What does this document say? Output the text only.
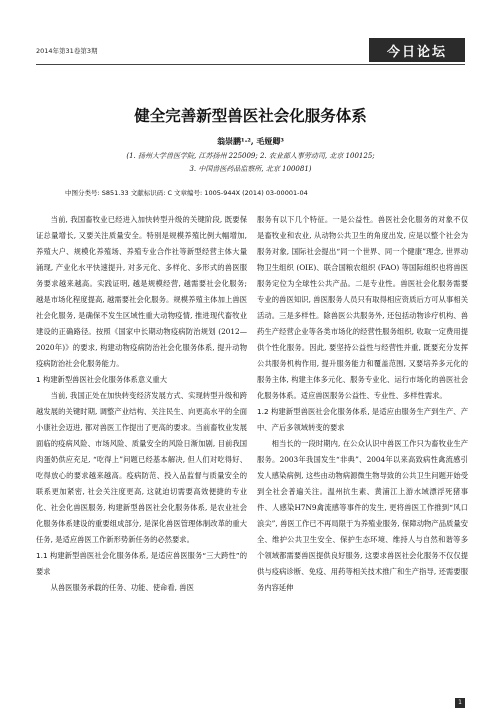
2014年第31卷第3期	今日论坛
健全完善新型兽医社会化服务体系
翁崇鹏¹·², 毛娅卿³
(1. 扬州大学兽医学院, 江苏扬州 225009; 2. 农业部人事劳动司, 北京 100125;
3. 中国兽医药品监察所, 北京 100081)
中图分类号: S851.33 文献标识码: C 文章编号: 1005-944X (2014) 03-00001-04

当前, 我国畜牧业已经进入加快转型升级的关键阶段, 既要保证总量增长, 又要关注质量安全。特别是规模养殖比例大幅增加, 养殖大户、规模化养殖场、养殖专业合作社等新型经营主体大量涌现, 产业化水平快速提升, 对多元化、多样化、多形式的兽医服务要求越来越高。实践证明, 越是规模经营, 越需要社会化服务; 越是市场化程度提高, 越需要社会化服务。规模养殖主体加上兽医社会化服务, 是确保不发生区域性重大动物疫情, 推进现代畜牧业建设的正确路径。按照《国家中长期动物疫病防治规划 (2012—2020年)》的要求, 构建动物疫病防治社会化服务体系, 提升动物疫病防治社会化服务能力。

1 构建新型兽医社会化服务体系意义重大

当前, 我国正处在加快转变经济发展方式、实现转型升级和跨越发展的关键时期, 调整产业结构、关注民生、向更高水平的全面小康社会迈进, 都对兽医工作提出了更高的要求。当前畜牧业发展面临的疫病风险、市场风险、质量安全的风险日渐加剧, 目前我国肉蛋奶供应充足, “吃得上”问题已经基本解决, 但人们对吃得好、吃得放心的要求越来越高。疫病防范、投入品监督与质量安全的联系更加紧密, 社会关注度更高, 这就迫切需要高效便捷的专业化、社会化兽医服务, 构建新型兽医社会化服务体系, 是农业社会化服务体系建设的重要组成部分, 是深化兽医管理体制改革的重大任务, 是适应兽医工作新形势新任务的必然要求。

1.1 构建新型兽医社会化服务体系, 是适应兽医服务“三大跨性”的要求

从兽医服务承载的任务、功能、使命看, 兽医

服务有以下几个特征。一是公益性。兽医社会化服务的对象不仅是畜牧业和农业, 从动物公共卫生的角度出发, 应是以整个社会为服务对象, 国际社会提出“同一个世界、同一个健康”理念, 世界动物卫生组织 (OIE)、联合国粮农组织 (FAO) 等国际组织也将兽医服务定位为全球性公共产品。二是专业性。兽医社会化服务需要专业的兽医知识, 兽医服务人员只有取得相应资质后方可从事相关活动。三是多样性。除兽医公共服务外, 还包括动物诊疗机构、兽药生产经营企业等各类市场化的经营性服务组织, 收取一定费用提供个性化服务。因此, 要坚持公益性与经营性并重, 既要充分发挥公共服务机构作用, 提升服务能力和覆盖范围, 又要培养多元化的服务主体, 构建主体多元化、服务专业化、运行市场化的兽医社会化服务体系。适应兽医服务公益性、专业性、多样性需求。

1.2 构建新型兽医社会化服务体系, 是适应由服务生产到生产、产中、产后多领域转变的要求

相当长的一段时期内, 在公众认识中兽医工作只为畜牧业生产服务。2003年我国发生“非典”、2004年以来高致病性禽流感引发人感染病例, 这些由动物病源微生物导致的公共卫生问题开始受到全社会普遍关注。温州抗生素、黄浦江上游水域漂浮死猪事件、人感染H7N9禽流感等事件的发生, 更将兽医工作推到“风口浪尖”, 兽医工作已不再局限于为养殖业服务, 保障动物产品质量安全、维护公共卫生安全、保护生态环境、维持人与自然和谐等多个领域都需要兽医提供良好服务, 这要求兽医社会化服务不仅仅提供与疫病诊断、免疫、用药等相关技术推广和生产指导, 还需要服务内容延伸

1
